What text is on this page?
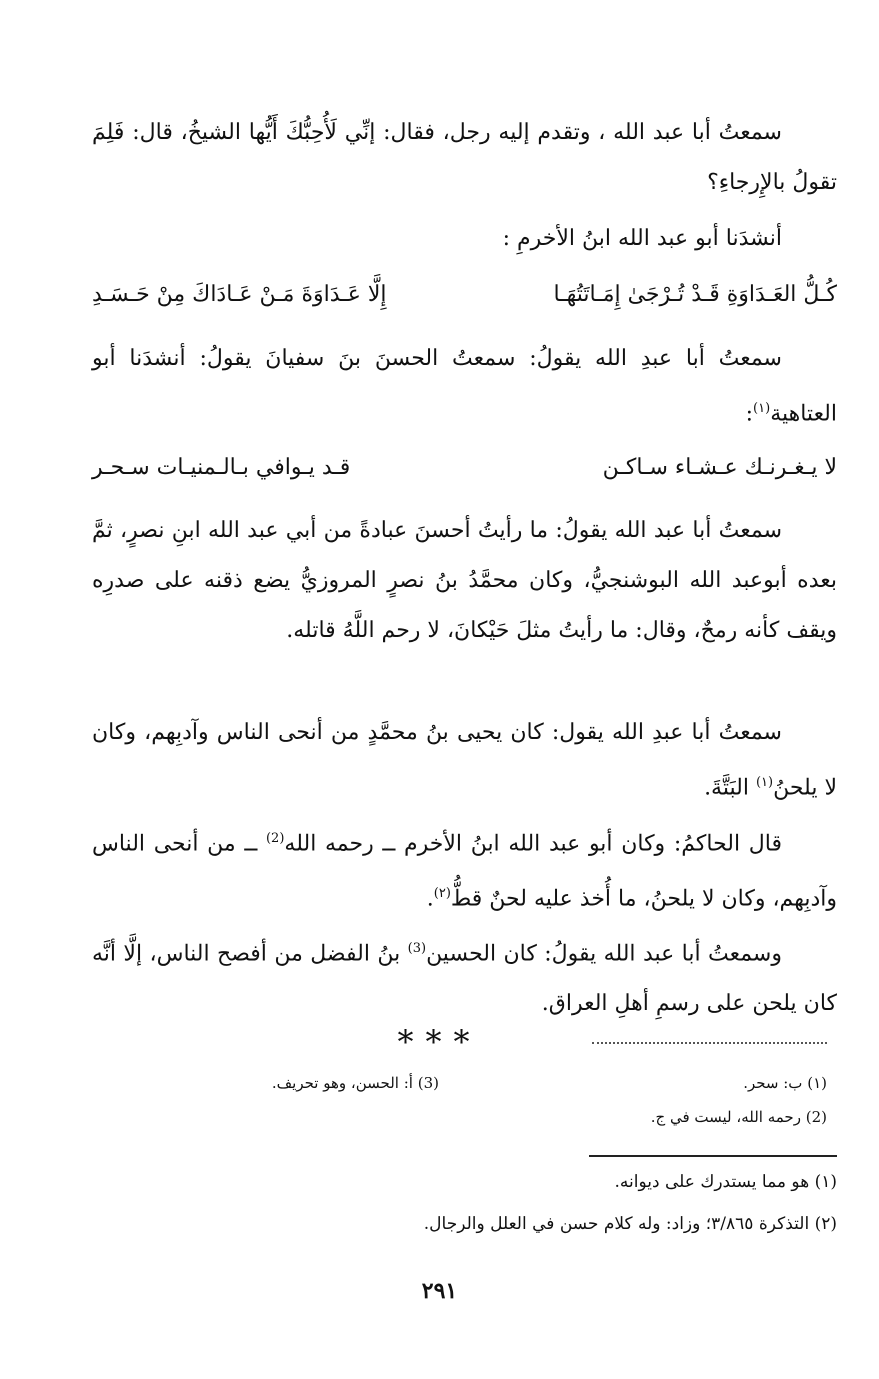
سمعتُ أبا عبد الله ، وتقدم إليه رجل، فقال: إنِّي لَأُحِبُّكَ أَيُّها الشيخُ، قال: فَلِمَ تقولُ بالإِرجاءِ؟

أنشدَنا أبو عبد الله ابنُ الأخرمِ :

كُـلُّ العَـدَاوَةِ قَـدْ تُـرْجَىٰ إِمَـاتَتُهَـا
إِلَّا عَـدَاوَةَ مَـنْ عَـادَاكَ مِنْ حَـسَـدِ

سمعتُ أبا عبدِ الله يقولُ: سمعتُ الحسنَ بنَ سفيانَ يقولُ: أنشدَنا أبو العتاهية$^{(١)}$:

لا يـغـرنـك عـشـاء سـاكـن
قـد يـوافي بـالـمنيـات سـحـر

سمعتُ أبا عبد الله يقولُ: ما رأيتُ أحسنَ عبادةً من أبي عبد الله ابنِ نصرٍ، ثمَّ بعده أبوعبد الله البوشنجيُّ، وكان محمَّدُ بنُ نصرٍ المروزيُّ يضع ذقنه على صدرِه ويقف كأنه رمحٌ، وقال: ما رأيتُ مثلَ حَيْكانَ، لا رحم اللَّهُ قاتله.

سمعتُ أبا عبدِ الله يقول: كان يحيى بنُ محمَّدٍ من أنحى الناس وآدبِهم، وكان لا يلحنُ$^{(١)}$ البَتَّةَ.

قال الحاكمُ: وكان أبو عبد الله ابنُ الأخرم ــ رحمه الله$^{(2)}$ ــ من أنحى الناس وآدبِهم، وكان لا يلحنُ، ما أُخذ عليه لحنٌ قطُّ$^{(٢)}$.

وسمعتُ أبا عبد الله يقولُ: كان الحسين$^{(3)}$ بنُ الفضل من أفصح الناس، إلَّا أنَّه كان يلحن على رسمِ أهلِ العراق.

***
(١) ب: سحر.
(2) رحمه الله، ليست في ج.
(3) أ: الحسن، وهو تحريف.
(١) هو مما يستدرك على ديوانه.
(٢) التذكرة ٣/٨٦٥؛ وزاد: وله كلام حسن في العلل والرجال.
٢٩١
